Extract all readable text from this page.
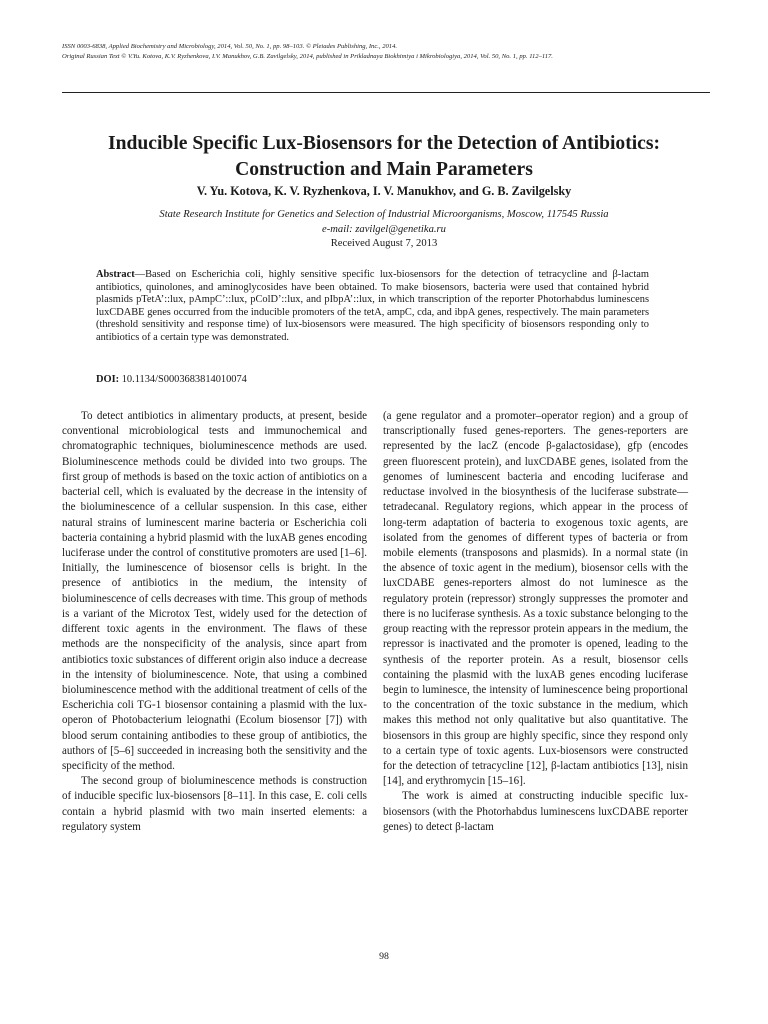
ISSN 0003-6838, Applied Biochemistry and Microbiology, 2014, Vol. 50, No. 1, pp. 98–103. © Pleiades Publishing, Inc., 2014.
Original Russian Text © V.Yu. Kotova, K.V. Ryzhenkova, I.V. Manukhov, G.B. Zavilgelsky, 2014, published in Prikladnaya Biokhimiya i Mikrobiologiya, 2014, Vol. 50, No. 1, pp. 112–117.
Inducible Specific Lux-Biosensors for the Detection of Antibiotics:
Construction and Main Parameters
V. Yu. Kotova, K. V. Ryzhenkova, I. V. Manukhov, and G. B. Zavilgelsky
State Research Institute for Genetics and Selection of Industrial Microorganisms, Moscow, 117545 Russia
e-mail: zavilgel@genetika.ru
Received August 7, 2013
Abstract—Based on Escherichia coli, highly sensitive specific lux-biosensors for the detection of tetracycline and β-lactam antibiotics, quinolones, and aminoglycosides have been obtained. To make biosensors, bacteria were used that contained hybrid plasmids pTetA’::lux, pAmpC’::lux, pColD’::lux, and pIbpA’::lux, in which transcription of the reporter Photorhabdus luminescens luxCDABE genes occurred from the inducible promoters of the tetA, ampC, cda, and ibpA genes, respectively. The main parameters (threshold sensitivity and response time) of lux-biosensors were measured. The high specificity of biosensors responding only to antibiotics of a certain type was demonstrated.
DOI: 10.1134/S0003683814010074

To detect antibiotics in alimentary products, at present, beside conventional microbiological tests and immunochemical and chromatographic techniques, bioluminescence methods are used. Bioluminescence methods could be divided into two groups. The first group of methods is based on the toxic action of antibiotics on a bacterial cell, which is evaluated by the decrease in the intensity of the bioluminescence of a cellular suspension. In this case, either natural strains of luminescent marine bacteria or Escherichia coli bacteria containing a hybrid plasmid with the luxAB genes encoding luciferase under the control of constitutive promoters are used [1–6]. Initially, the luminescence of biosensor cells is bright. In the presence of antibiotics in the medium, the intensity of bioluminescence of cells decreases with time. This group of methods is a variant of the Microtox Test, widely used for the detection of different toxic agents in the environment. The flaws of these methods are the nonspecificity of the analysis, since apart from antibiotics toxic substances of different origin also induce a decrease in the intensity of bioluminescence. Note, that using a combined bioluminescence method with the additional treatment of cells of the Escherichia coli TG-1 biosensor containing a plasmid with the lux-operon of Photobacterium leiognathi (Ecolum biosensor [7]) with blood serum containing antibodies to these group of antibiotics, the authors of [5–6] succeeded in increasing both the sensitivity and the specificity of the method.

The second group of bioluminescence methods is construction of inducible specific lux-biosensors [8–11]. In this case, E. coli cells contain a hybrid plasmid with two main inserted elements: a regulatory system

(a gene regulator and a promoter–operator region) and a group of transcriptionally fused genes-reporters. The genes-reporters are represented by the lacZ (encode β-galactosidase), gfp (encodes green fluorescent protein), and luxCDABE genes, isolated from the genomes of luminescent bacteria and encoding luciferase and reductase involved in the biosynthesis of the luciferase substrate—tetradecanal. Regulatory regions, which appear in the process of long-term adaptation of bacteria to exogenous toxic agents, are isolated from the genomes of different types of bacteria or from mobile elements (transposons and plasmids). In a normal state (in the absence of toxic agent in the medium), biosensor cells with the luxCDABE genes-reporters almost do not luminesce as the regulatory protein (repressor) strongly suppresses the promoter and there is no luciferase synthesis. As a toxic substance belonging to the group reacting with the repressor protein appears in the medium, the repressor is inactivated and the promoter is opened, leading to the synthesis of the reporter protein. As a result, biosensor cells containing the plasmid with the luxAB genes encoding luciferase begin to luminesce, the intensity of luminescence being proportional to the concentration of the toxic substance in the medium, which makes this method not only qualitative but also quantitative. The biosensors in this group are highly specific, since they respond only to a certain type of toxic agents. Lux-biosensors were constructed for the detection of tetracycline [12], β-lactam antibiotics [13], nisin [14], and erythromycin [15–16].

The work is aimed at constructing inducible specific lux-biosensors (with the Photorhabdus luminescens luxCDABE reporter genes) to detect β-lactam

98
